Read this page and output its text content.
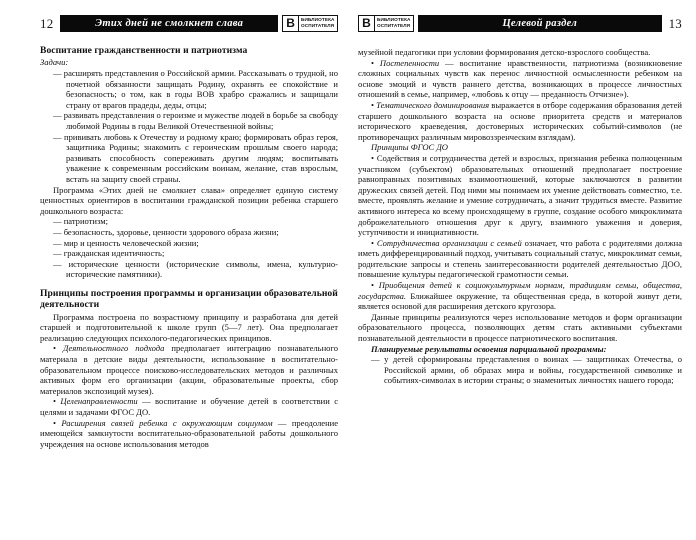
12	Этих дней не смолкнет слава	В	БИБЛИОТЕКА
ОСПИТАТЕЛЯ
Воспитание гражданственности и патриотизма

Задачи:

— расширять представления о Российской армии. Рассказывать о трудной, но почетной обязанности защищать Родину, охранять ее спокойствие и безопасность; о том, как в годы ВОВ храбро сражались и защищали страну от врагов прадеды, деды, отцы;
— развивать представления о героизме и мужестве людей в борьбе за свободу любимой Родины в годы Великой Отечественной войны;
— прививать любовь к Отечеству и родному краю; формировать образ героя, защитника Родины; знакомить с героическим прошлым своего народа; развивать способность сопереживать другим людям; воспитывать уважение к современным российским воинам, желание, став взрослым, встать на защиту своей страны.

Программа «Этих дней не смолкнет слава» определяет единую систему ценностных ориентиров в воспитании гражданской позиции ребенка старшего дошкольного возраста:

— патриотизм;
— безопасность, здоровье, ценности здорового образа жизни;
— мир и ценность человеческой жизни;
— гражданская идентичность;
— исторические ценности (исторические символы, имена, культурно-исторические памятники).
Принципы построения программы и организации образовательной деятельности

Программа построена по возрастному принципу и разработана для детей старшей и подготовительной к школе групп (5—7 лет). Она предполагает реализацию следующих психолого-педагогических принципов.

• Деятельностного подхода предполагает интеграцию познавательного материала в детские виды деятельности, использование в воспитательно-образовательном процессе поисково-исследовательских методов и различных активных форм его организации (акции, образовательные проекты, сбор материалов экспозиций музея).
• Целенаправленности — воспитание и обучение детей в соответствии с целями и задачами ФГОС ДО.
• Расширения связей ребенка с окружающим социумом — преодоление имеющейся замкнутости воспитательно-образовательной работы дошкольного учреждения на основе использования методов
В	БИБЛИОТЕКА
ОСПИТАТЕЛЯ	Целевой раздел	13

музейной педагогики при условии формирования детско-взрослого сообщества.

• Постепенности — воспитание нравственности, патриотизма (возникновение сложных социальных чувств как перенос личностной осмысленности ребенком на основе эмоций и чувств раннего детства, возникающих в процессе личностных отношений в семье, например, «любовь к отцу — преданность Отчизне»).
• Тематического доминирования выражается в отборе содержания образования детей старшего дошкольного возраста на основе приоритета средств и материалов исторического краеведения, достоверных исторических событий-символов (не противоречащих различным мировоззренческим взглядам).

Принципы ФГОС ДО

• Содействия и сотрудничества детей и взрослых, признания ребенка полноценным участником (субъектом) образовательных отношений предполагает построение равноправных позитивных взаимоотношений, которые заключаются в развитии дружеских связей детей. Под ними мы понимаем их умение действовать совместно, т.е. вместе, проявлять желание и умение сотрудничать, а значит трудиться вместе. Развитие активного интереса ко всему происходящему в группе, создание особого микроклимата доброжелательного отношения друг к другу, взаимного уважения и доверия, уступчивости и инициативности.
• Сотрудничества организации с семьей означает, что работа с родителями должна иметь дифференцированный подход, учитывать социальный статус, микроклимат семьи, родительские запросы и степень заинтересованности родителей деятельностью ДОО, повышение культуры педагогической грамотности семьи.
• Приобщения детей к социокультурным нормам, традициям семьи, общества, государства. Ближайшее окружение, та общественная среда, в которой живут дети, является основой для расширения детского кругозора.

Данные принципы реализуются через использование методов и форм организации образовательного процесса, позволяющих детям стать активными субъектами познавательной деятельности в процессе патриотического воспитания.

Планируемые результаты освоения парциальной программы:

— у детей сформированы представления о воинах — защитниках Отечества, о Российской армии, об образах мира и войны, государственной символике и событиях-символах в истории страны; о знаменитых личностях нашего города;
